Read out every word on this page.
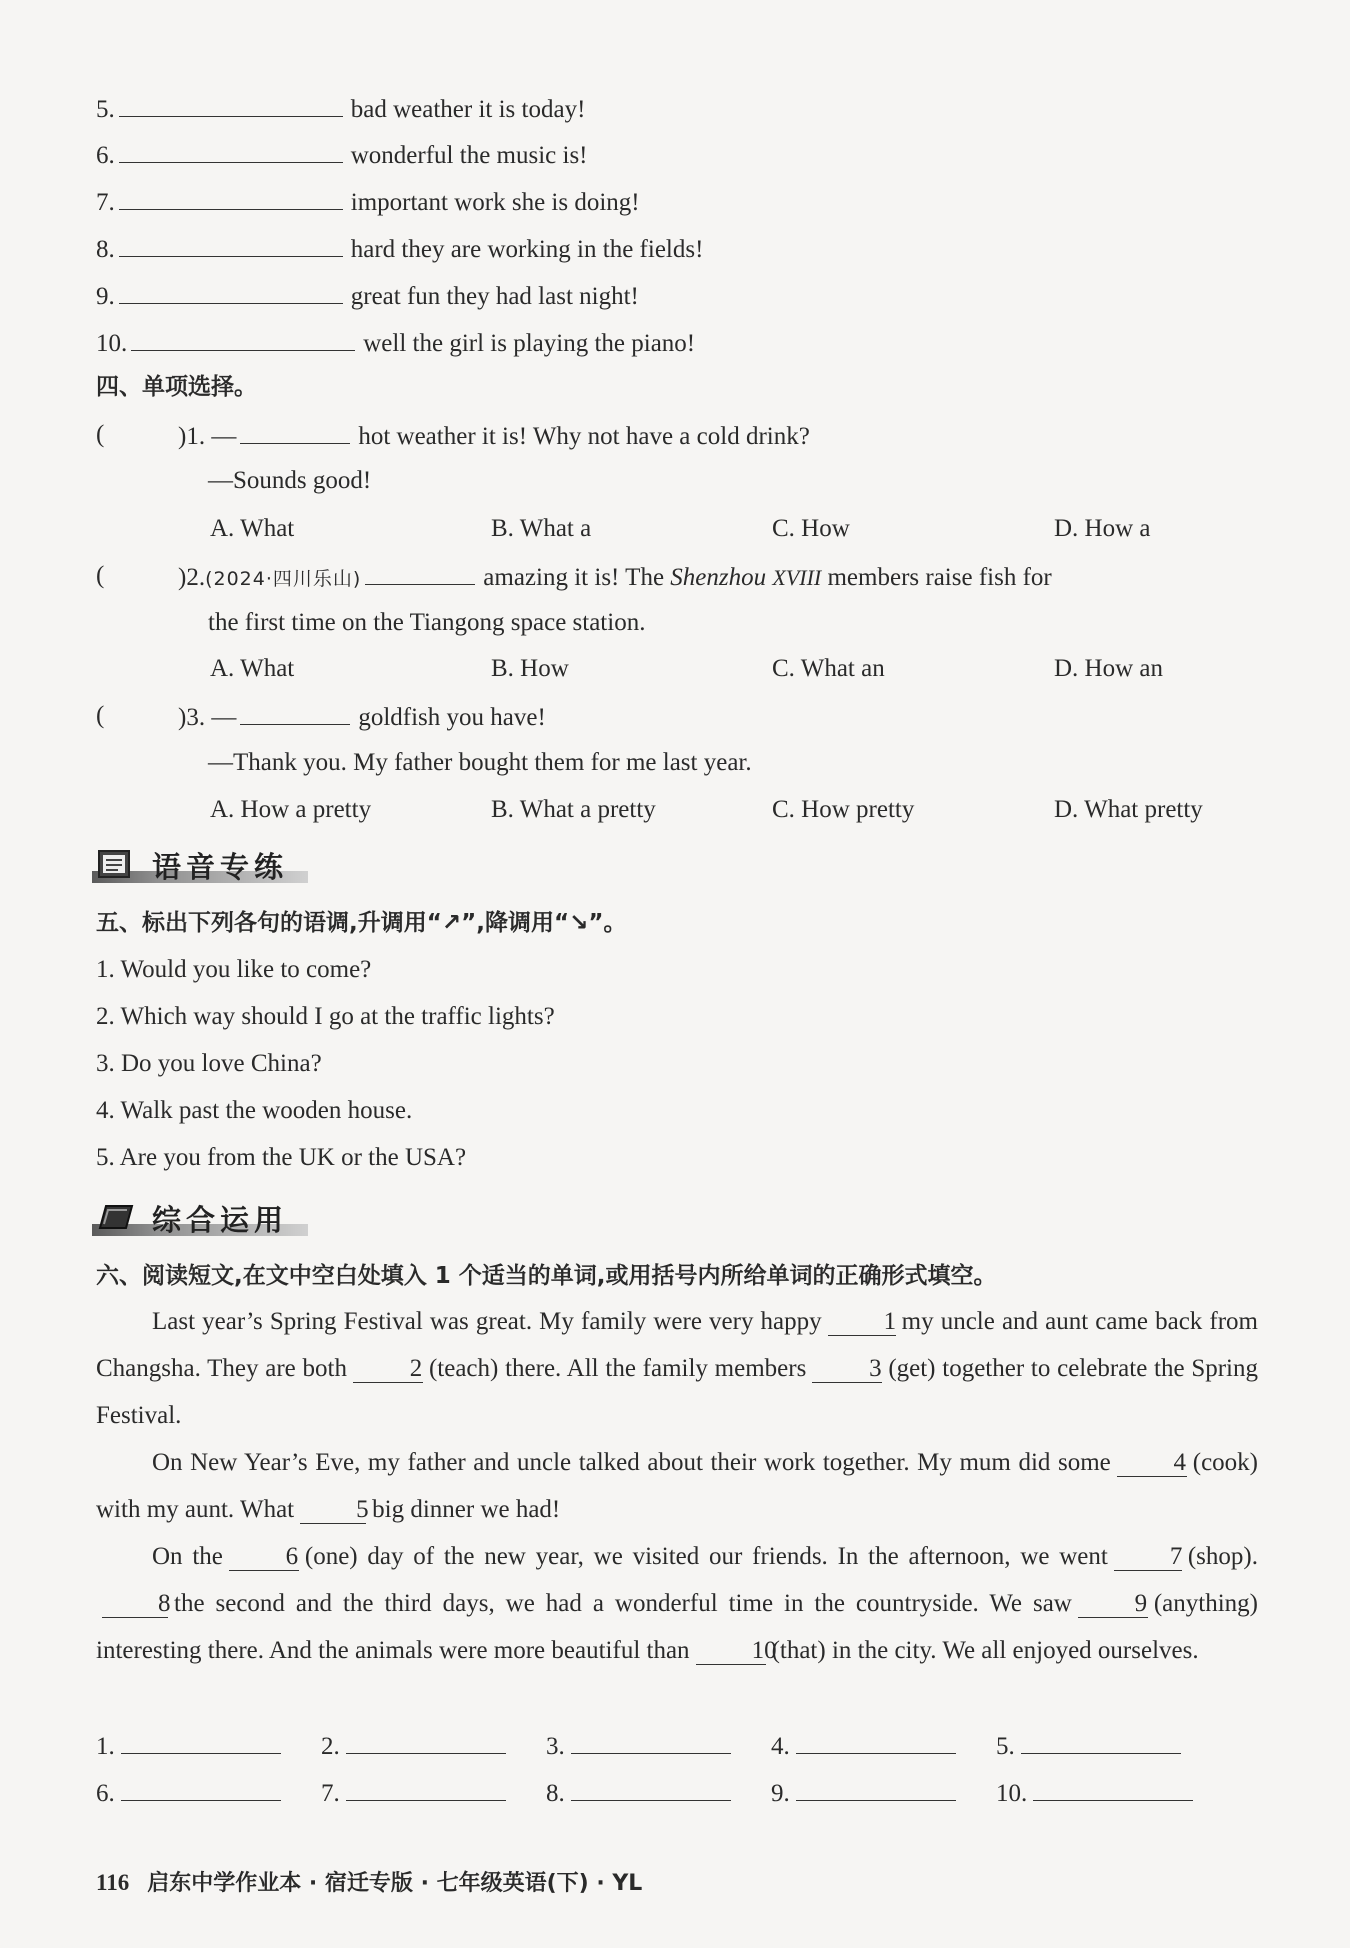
5.	bad weather it is today!
6.	wonderful the music is!
7.	important work she is doing!
8.	hard they are working in the fields!
9.	great fun they had last night!
10.	well the girl is playing the piano!
四、单项选择。
(	)1. —	hot weather it is! Why not have a cold drink?
—Sounds good!
A. What	B. What a	C. How	D. How a
(	)2.(2024·四川乐山)	amazing it is! The Shenzhou XVIII members raise fish for
the first time on the Tiangong space station.
A. What	B. How	C. What an	D. How an
(	)3. —	goldfish you have!
—Thank you. My father bought them for me last year.
A. How a pretty	B. What a pretty	C. How pretty	D. What pretty
语音专练
五、标出下列各句的语调,升调用“↗”,降调用“↘”。
1. Would you like to come?
2. Which way should I go at the traffic lights?
3. Do you love China?
4. Walk past the wooden house.
5. Are you from the UK or the USA?
综合运用
六、阅读短文,在文中空白处填入 1 个适当的单词,或用括号内所给单词的正确形式填空。
Last year’s Spring Festival was great. My family were very happy 1 my uncle and aunt came back from Changsha. They are both	2 (teach) there. All the family members	3 (get) together to celebrate the Spring Festival.
On New Year’s Eve, my father and uncle talked about their work together. My mum did some	4 (cook) with my aunt. What 5 big dinner we had!
On the	6 (one) day of the new year, we visited our friends. In the afternoon, we went 7 (shop).8 the second and the third days, we had a wonderful time in the countryside. We saw	9 (anything) interesting there. And the animals were more beautiful than 10(that) in the city. We all enjoyed ourselves.
1.	2.	3.	4.	5.
6.	7.	8.	9.	10.
116 启东中学作业本 · 宿迁专版 · 七年级英语(下) · YL
